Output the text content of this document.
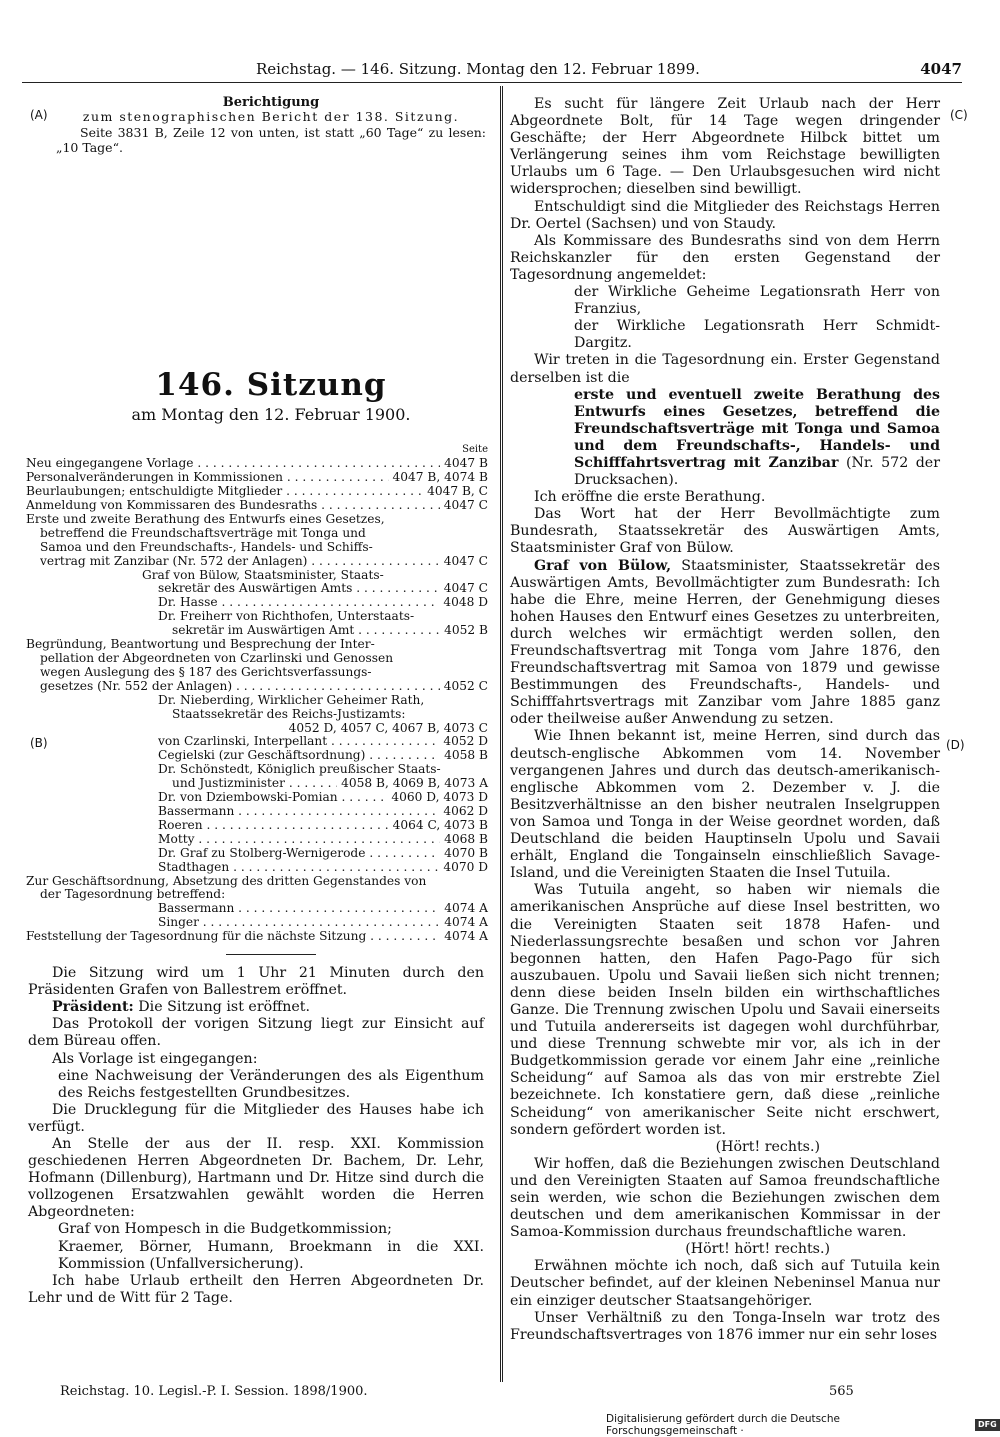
Reichstag. — 146. Sitzung. Montag den 12. Februar 1899.	4047
(A)
(B)
(C)
(D)
Berichtigung
zum stenographischen Bericht der 138. Sitzung.

Seite 3831 B, Zeile 12 von unten, ist statt „60 Tage“ zu lesen: „10 Tage“.

146. Sitzung
am Montag den 12. Februar 1900.
Seite
Neu eingegangene Vorlage . . .	4047 B
Personalveränderungen in Kommissionen . . .	4047 B, 4074 B
Beurlaubungen; entschuldigte Mitglieder . . .	4047 B, C
Anmeldung von Kommissaren des Bundesraths . . .	4047 C
Erste und zweite Berathung des Entwurfs eines Gesetzes,
betreffend die Freundschaftsverträge mit Tonga und
Samoa und den Freundschafts-, Handels- und Schiffs-
vertrag mit Zanzibar (Nr. 572 der Anlagen) . . .	4047 C
Graf von Bülow, Staatsminister, Staats-
sekretär des Auswärtigen Amts . . .	4047 C
Dr. Hasse . . .	4048 D
Dr. Freiherr von Richthofen, Unterstaats-
sekretär im Auswärtigen Amt . . .	4052 B
Begründung, Beantwortung und Besprechung der Inter-
pellation der Abgeordneten von Czarlinski und Genossen
wegen Auslegung des § 187 des Gerichtsverfassungs-
gesetzes (Nr. 552 der Anlagen) . . .	4052 C
Dr. Nieberding, Wirklicher Geheimer Rath,
Staatssekretär des Reichs-Justizamts:
4052 D, 4057 C, 4067 B, 4073 C
von Czarlinski, Interpellant . . .	4052 D
Cegielski (zur Geschäftsordnung) . . .	4058 B
Dr. Schönstedt, Königlich preußischer Staats-
und Justizminister . . .	4058 B, 4069 B, 4073 A
Dr. von Dziembowski-Pomian . . .	4060 D, 4073 D
Bassermann . . .	4062 D
Roeren . . .	4064 C, 4073 B
Motty . . .	4068 B
Dr. Graf zu Stolberg-Wernigerode . . .	4070 B
Stadthagen . . .	4070 D
Zur Geschäftsordnung, Absetzung des dritten Gegenstandes von
der Tagesordnung betreffend:
Bassermann . . .	4074 A
Singer . . .	4074 A
Feststellung der Tagesordnung für die nächste Sitzung . . .	4074 A

Die Sitzung wird um 1 Uhr 21 Minuten durch den Präsidenten Grafen von Ballestrem eröffnet.

Präsident: Die Sitzung ist eröffnet.

Das Protokoll der vorigen Sitzung liegt zur Einsicht auf dem Büreau offen.

Als Vorlage ist eingegangen:

eine Nachweisung der Veränderungen des als Eigenthum des Reichs festgestellten Grundbesitzes.

Die Drucklegung für die Mitglieder des Hauses habe ich verfügt.

An Stelle der aus der II. resp. XXI. Kommission geschiedenen Herren Abgeordneten Dr. Bachem, Dr. Lehr, Hofmann (Dillenburg), Hartmann und Dr. Hitze sind durch die vollzogenen Ersatzwahlen gewählt worden die Herren Abgeordneten:

Graf von Hompesch in die Budgetkommission;

Kraemer, Börner, Humann, Broekmann in die XXI. Kommission (Unfallversicherung).

Ich habe Urlaub ertheilt den Herren Abgeordneten Dr. Lehr und de Witt für 2 Tage.

Es sucht für längere Zeit Urlaub nach der Herr Abgeordnete Bolt, für 14 Tage wegen dringender Geschäfte; der Herr Abgeordnete Hilbck bittet um Verlängerung seines ihm vom Reichstage bewilligten Urlaubs um 6 Tage. — Den Urlaubsgesuchen wird nicht widersprochen; dieselben sind bewilligt.

Entschuldigt sind die Mitglieder des Reichstags Herren Dr. Oertel (Sachsen) und von Staudy.

Als Kommissare des Bundesraths sind von dem Herrn Reichskanzler für den ersten Gegenstand der Tagesordnung angemeldet:

der Wirkliche Geheime Legationsrath Herr von Franzius,

der Wirkliche Legationsrath Herr Schmidt-Dargitz.

Wir treten in die Tagesordnung ein. Erster Gegenstand derselben ist die

erste und eventuell zweite Berathung des Entwurfs eines Gesetzes, betreffend die Freundschaftsverträge mit Tonga und Samoa und dem Freundschafts-, Handels- und Schifffahrtsvertrag mit Zanzibar (Nr. 572 der Drucksachen).

Ich eröffne die erste Berathung.

Das Wort hat der Herr Bevollmächtigte zum Bundesrath, Staatssekretär des Auswärtigen Amts, Staatsminister Graf von Bülow.

Graf von Bülow, Staatsminister, Staatssekretär des Auswärtigen Amts, Bevollmächtigter zum Bundesrath: Ich habe die Ehre, meine Herren, der Genehmigung dieses hohen Hauses den Entwurf eines Gesetzes zu unterbreiten, durch welches wir ermächtigt werden sollen, den Freundschaftsvertrag mit Tonga vom Jahre 1876, den Freundschaftsvertrag mit Samoa von 1879 und gewisse Bestimmungen des Freundschafts-, Handels- und Schifffahrtsvertrags mit Zanzibar vom Jahre 1885 ganz oder theilweise außer Anwendung zu setzen.

Wie Ihnen bekannt ist, meine Herren, sind durch das deutsch-englische Abkommen vom 14. November vergangenen Jahres und durch das deutsch-amerikanisch-englische Abkommen vom 2. Dezember v. J. die Besitzverhältnisse an den bisher neutralen Inselgruppen von Samoa und Tonga in der Weise geordnet worden, daß Deutschland die beiden Hauptinseln Upolu und Savaii erhält, England die Tongainseln einschließlich Savage-Island, und die Vereinigten Staaten die Insel Tutuila.

Was Tutuila angeht, so haben wir niemals die amerikanischen Ansprüche auf diese Insel bestritten, wo die Vereinigten Staaten seit 1878 Hafen- und Niederlassungsrechte besaßen und schon vor Jahren begonnen hatten, den Hafen Pago-Pago für sich auszubauen. Upolu und Savaii ließen sich nicht trennen; denn diese beiden Inseln bilden ein wirthschaftliches Ganze. Die Trennung zwischen Upolu und Savaii einerseits und Tutuila andererseits ist dagegen wohl durchführbar, und diese Trennung schwebte mir vor, als ich in der Budgetkommission gerade vor einem Jahr eine „reinliche Scheidung“ auf Samoa als das von mir erstrebte Ziel bezeichnete. Ich konstatiere gern, daß diese „reinliche Scheidung“ von amerikanischer Seite nicht erschwert, sondern gefördert worden ist.

(Hört! rechts.)

Wir hoffen, daß die Beziehungen zwischen Deutschland und den Vereinigten Staaten auf Samoa freundschaftliche sein werden, wie schon die Beziehungen zwischen dem deutschen und dem amerikanischen Kommissar in der Samoa-Kommission durchaus freundschaftliche waren.

(Hört! hört! rechts.)

Erwähnen möchte ich noch, daß sich auf Tutuila kein Deutscher befindet, auf der kleinen Nebeninsel Manua nur ein einziger deutscher Staatsangehöriger.

Unser Verhältniß zu den Tonga-Inseln war trotz des Freundschaftsvertrages von 1876 immer nur ein sehr loses

Reichstag. 10. Legisl.-P. I. Session. 1898/1900.	565
Digitalisierung gefördert durch die Deutsche Forschungsgemeinschaft ·
DFG
